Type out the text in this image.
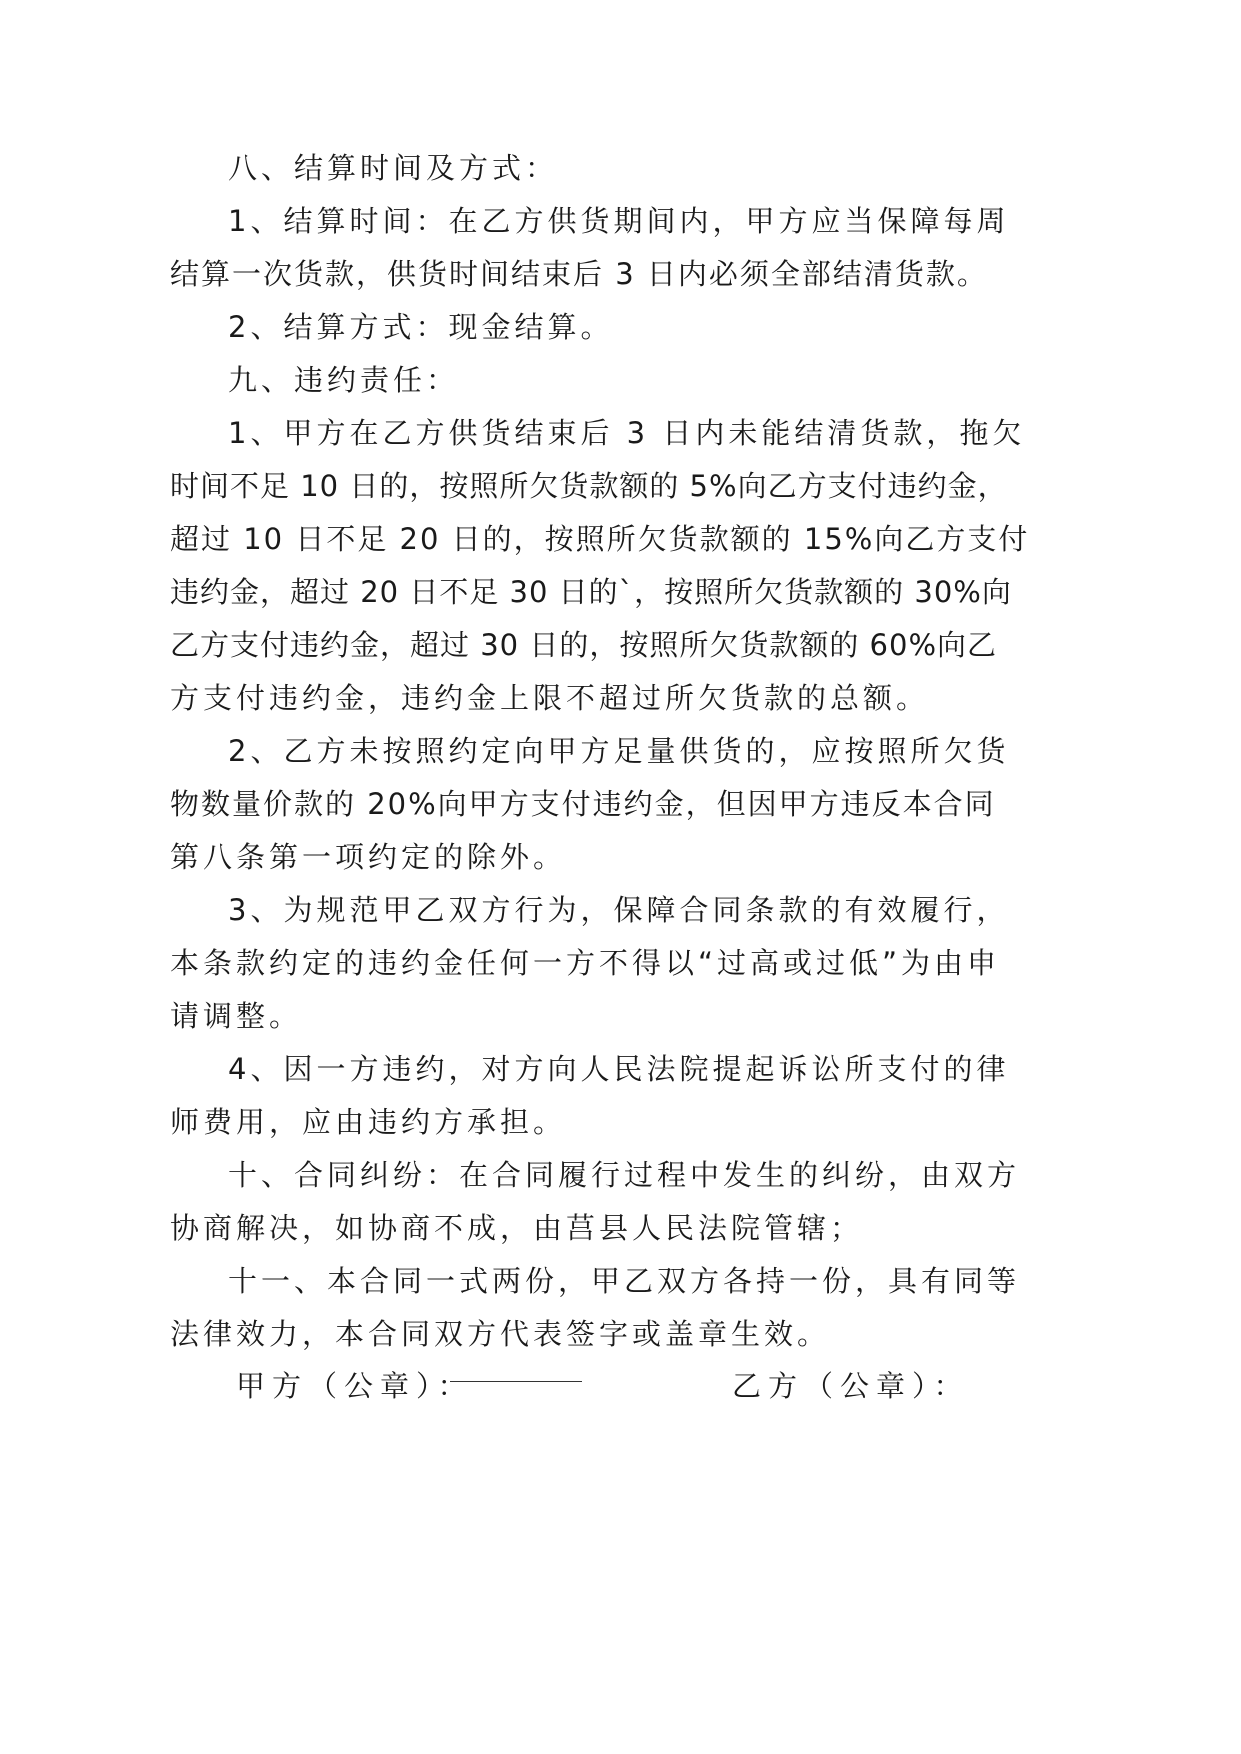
八、结算时间及方式：
1、结算时间：在乙方供货期间内，甲方应当保障每周
结算一次货款，供货时间结束后 3 日内必须全部结清货款。
2、结算方式：现金结算。
九、违约责任：
1、甲方在乙方供货结束后 3 日内未能结清货款，拖欠
时间不足 10 日的，按照所欠货款额的 5%向乙方支付违约金，
超过 10 日不足 20 日的，按照所欠货款额的 15%向乙方支付
违约金，超过 20 日不足 30 日的`，按照所欠货款额的 30%向
乙方支付违约金，超过 30 日的，按照所欠货款额的 60%向乙
方支付违约金，违约金上限不超过所欠货款的总额。
2、乙方未按照约定向甲方足量供货的，应按照所欠货
物数量价款的 20%向甲方支付违约金，但因甲方违反本合同
第八条第一项约定的除外。
3、为规范甲乙双方行为，保障合同条款的有效履行，
本条款约定的违约金任何一方不得以“过高或过低”为由申
请调整。
4、因一方违约，对方向人民法院提起诉讼所支付的律
师费用，应由违约方承担。
十、合同纠纷：在合同履行过程中发生的纠纷，由双方
协商解决，如协商不成，由莒县人民法院管辖；
十一、本合同一式两份，甲乙双方各持一份，具有同等
法律效力，本合同双方代表签字或盖章生效。
甲方（公章）：	乙方（公章）：
